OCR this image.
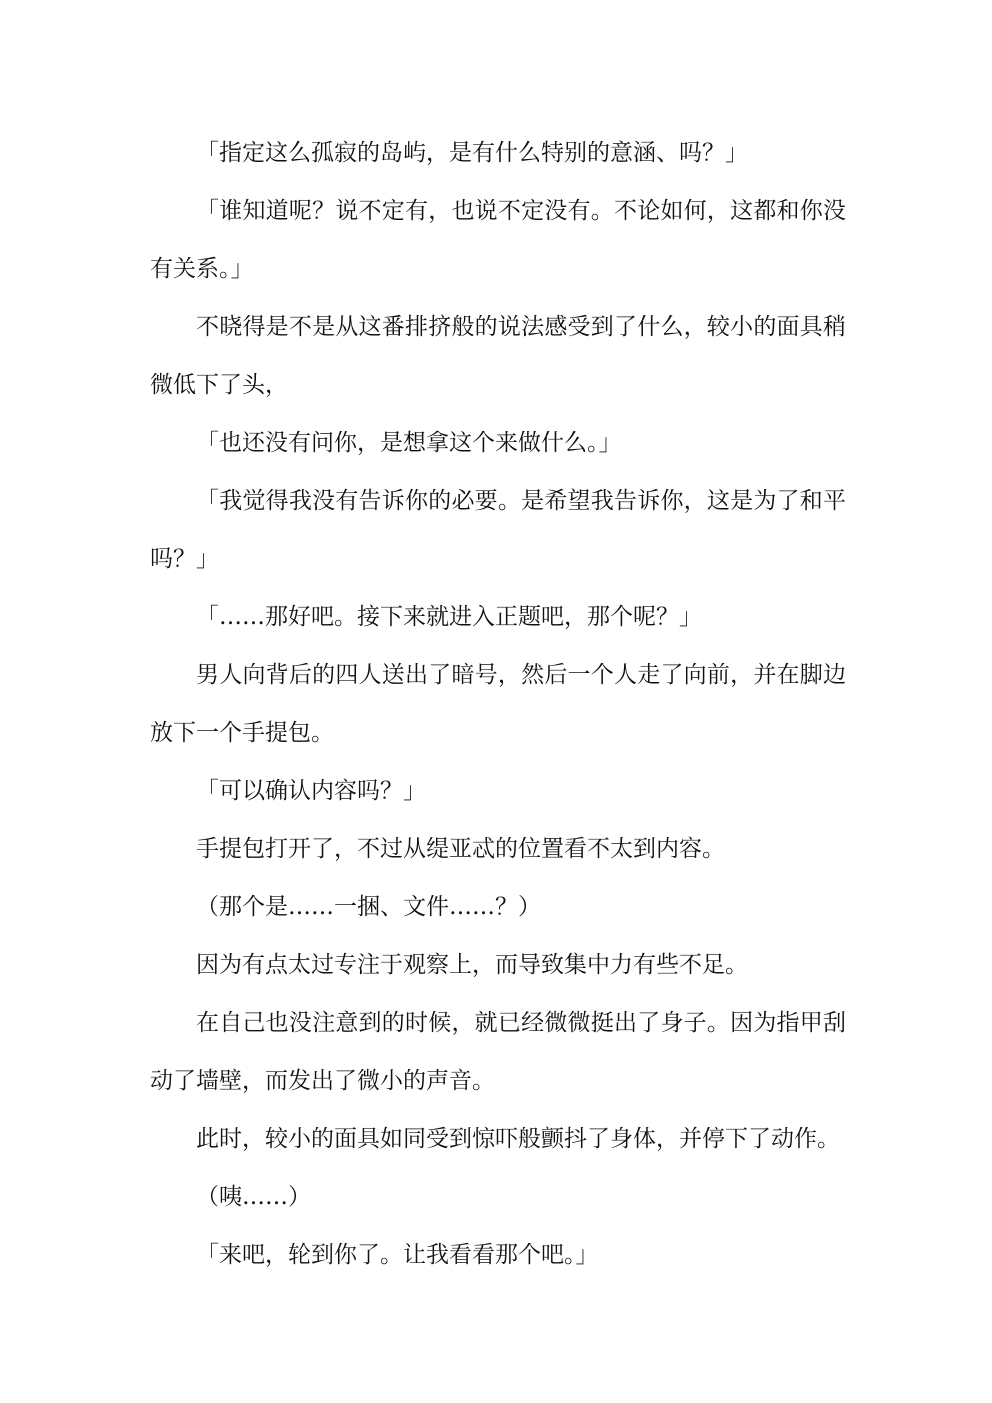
「指定这么孤寂的岛屿，是有什么特别的意涵、吗？」

「谁知道呢？说不定有，也说不定没有。不论如何，这都和你没有关系。」

不晓得是不是从这番排挤般的说法感受到了什么，较小的面具稍微低下了头，

「也还没有问你，是想拿这个来做什么。」

「我觉得我没有告诉你的必要。是希望我告诉你，这是为了和平吗？」

「……那好吧。接下来就进入正题吧，那个呢？」

男人向背后的四人送出了暗号，然后一个人走了向前，并在脚边放下一个手提包。

「可以确认内容吗？」

手提包打开了，不过从缇亚忒的位置看不太到内容。

（那个是……一捆、文件……？）

因为有点太过专注于观察上，而导致集中力有些不足。

在自己也没注意到的时候，就已经微微挺出了身子。因为指甲刮动了墙壁，而发出了微小的声音。

此时，较小的面具如同受到惊吓般颤抖了身体，并停下了动作。

（咦……）

「来吧，轮到你了。让我看看那个吧。」
